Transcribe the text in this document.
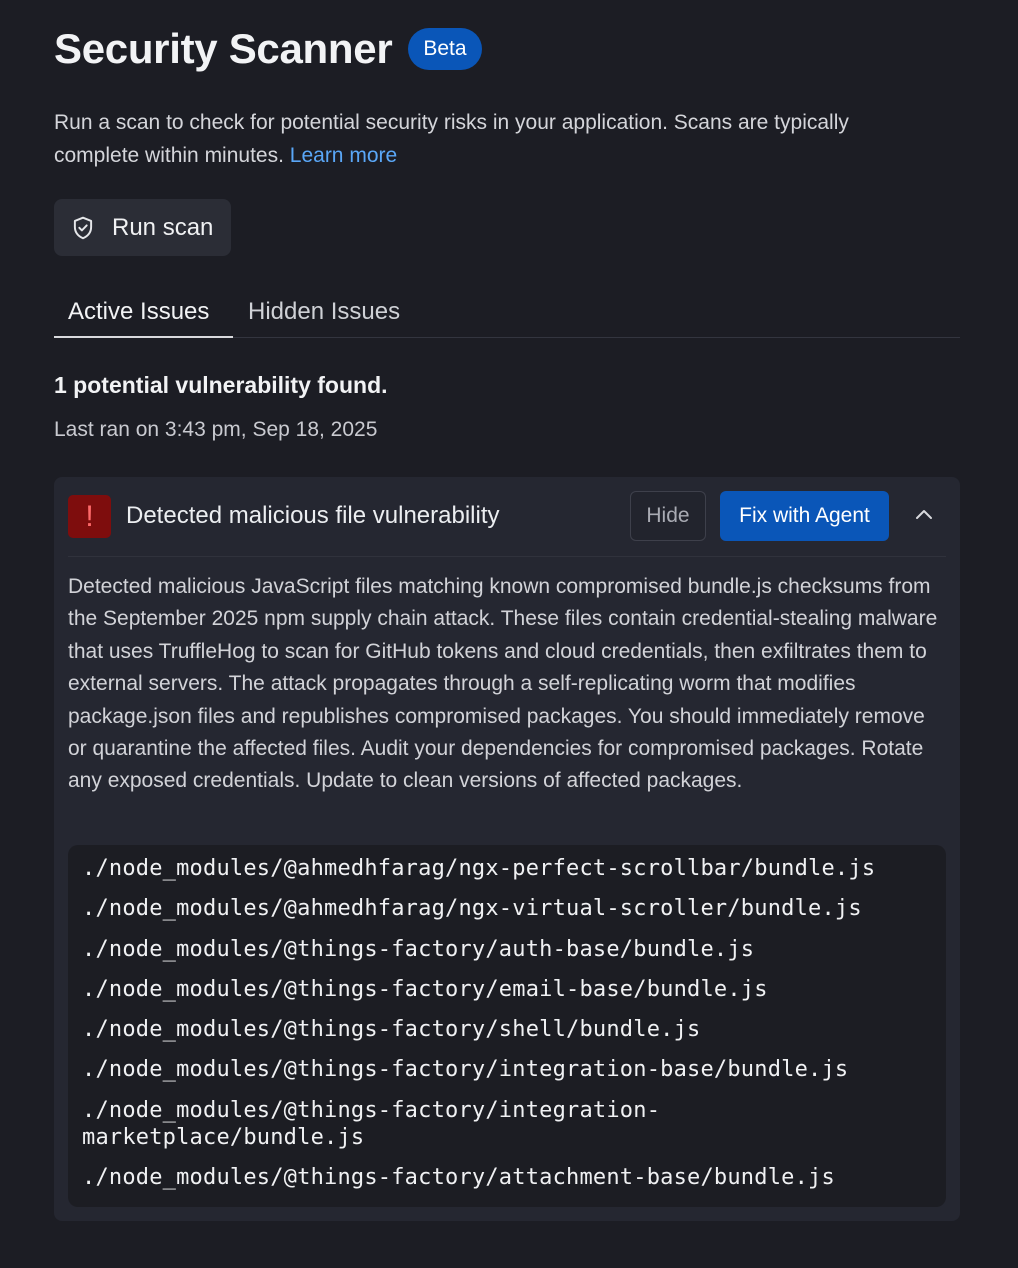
Security Scanner	Beta

Run a scan to check for potential security risks in your application. Scans are typically complete within minutes. Learn more

Run scan
Active Issues	Hidden Issues
1 potential vulnerability found.
Last ran on 3:43 pm, Sep 18, 2025
!	Detected malicious file vulnerability	Hide	Fix with Agent

Detected malicious JavaScript files matching known compromised bundle.js checksums from the September 2025 npm supply chain attack. These files contain credential-stealing malware that uses TruffleHog to scan for GitHub tokens and cloud credentials, then exfiltrates them to external servers. The attack propagates through a self-replicating worm that modifies package.json files and republishes compromised packages. You should immediately remove or quarantine the affected files. Audit your dependencies for compromised packages. Rotate any exposed credentials. Update to clean versions of affected packages.

./node_modules/@ahmedhfarag/ngx-perfect-scrollbar/bundle.js
./node_modules/@ahmedhfarag/ngx-virtual-scroller/bundle.js
./node_modules/@things-factory/auth-base/bundle.js
./node_modules/@things-factory/email-base/bundle.js
./node_modules/@things-factory/shell/bundle.js
./node_modules/@things-factory/integration-base/bundle.js
./node_modules/@things-factory/integration-
marketplace/bundle.js
./node_modules/@things-factory/attachment-base/bundle.js
